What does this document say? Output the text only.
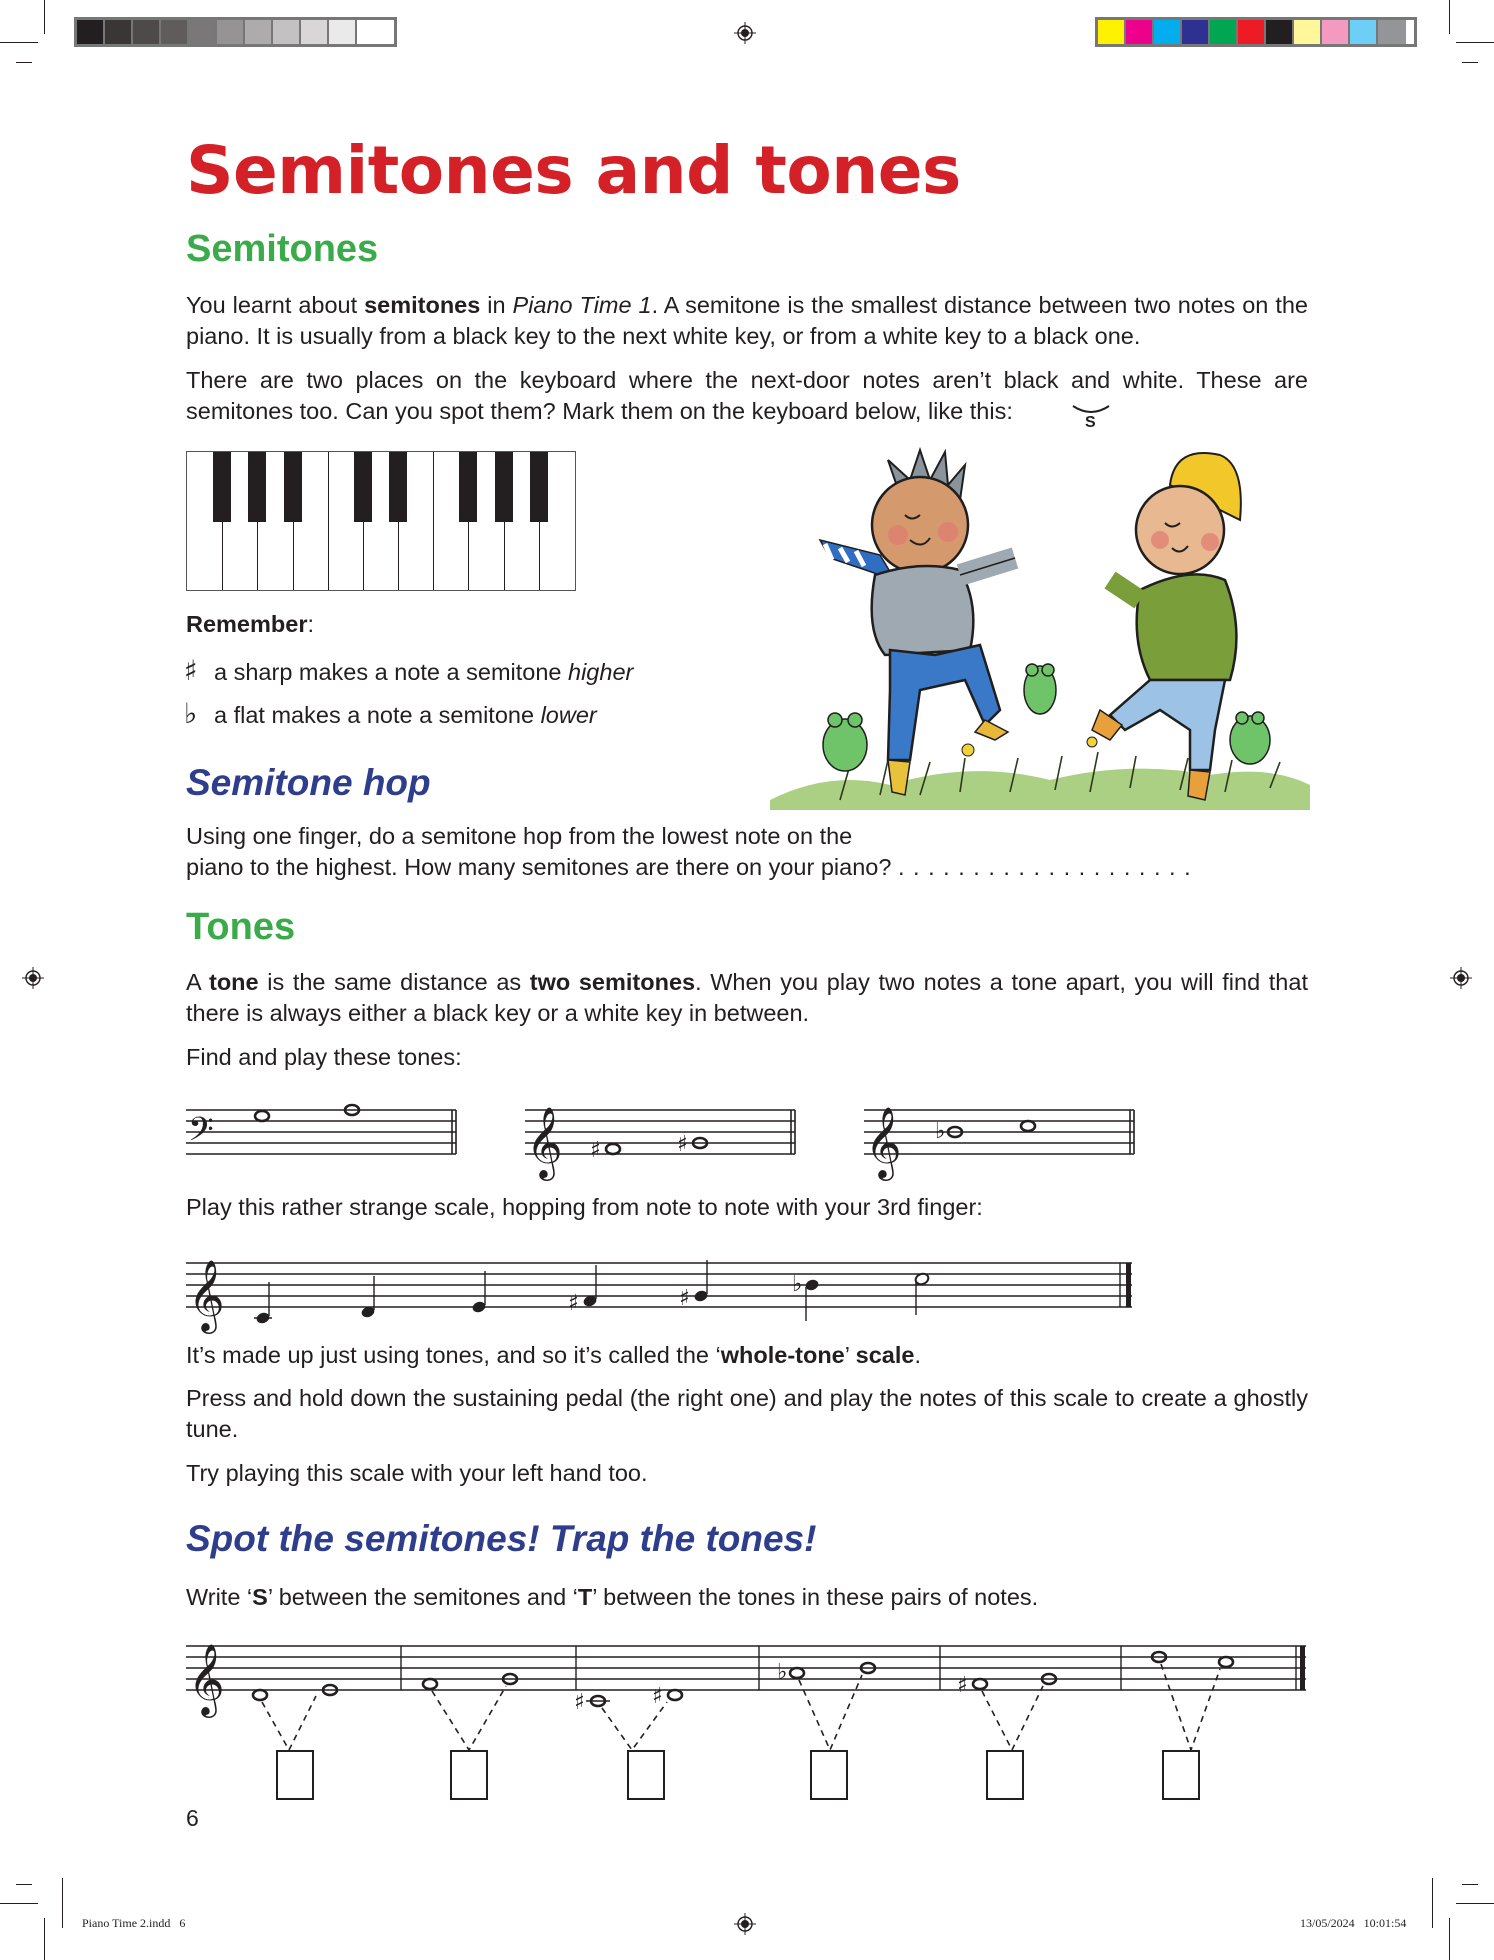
Piano Time 2.indd   6	13/05/2024   10:01:54
Semitones and tones
Semitones
You learnt about semitones in Piano Time 1. A semitone is the smallest distance between two notes on the piano. It is usually from a black key to the next white key, or from a white key to a black one.
There are two places on the keyboard where the next-door notes aren’t black and white. These are semitones too. Can you spot them? Mark them on the keyboard below, like this:	S
Remember:
♯ a sharp makes a note a semitone higher
♭ a flat makes a note a semitone lower
Semitone hop
Using one finger, do a semitone hop from the lowest note on the
piano to the highest. How many semitones are there on your piano? . . . . . . . . . . . . . . . . . . . .
Tones
A tone is the same distance as two semitones. When you play two notes a tone apart, you will find that there is always either a black key or a white key in between.
Find and play these tones:
𝄢	𝄞	𝄞
♯	♯
♭
Play this rather strange scale, hopping from note to note with your 3rd finger:
𝄞	♯	♯
♭
It’s made up just using tones, and so it’s called the ‘whole-tone’ scale.
Press and hold down the sustaining pedal (the right one) and play the notes of this scale to create a ghostly tune.
Try playing this scale with your left hand too.
Spot the semitones! Trap the tones!
Write ‘S’ between the semitones and ‘T’ between the tones in these pairs of notes.
𝄞	♯	♯
♭
♯
6
